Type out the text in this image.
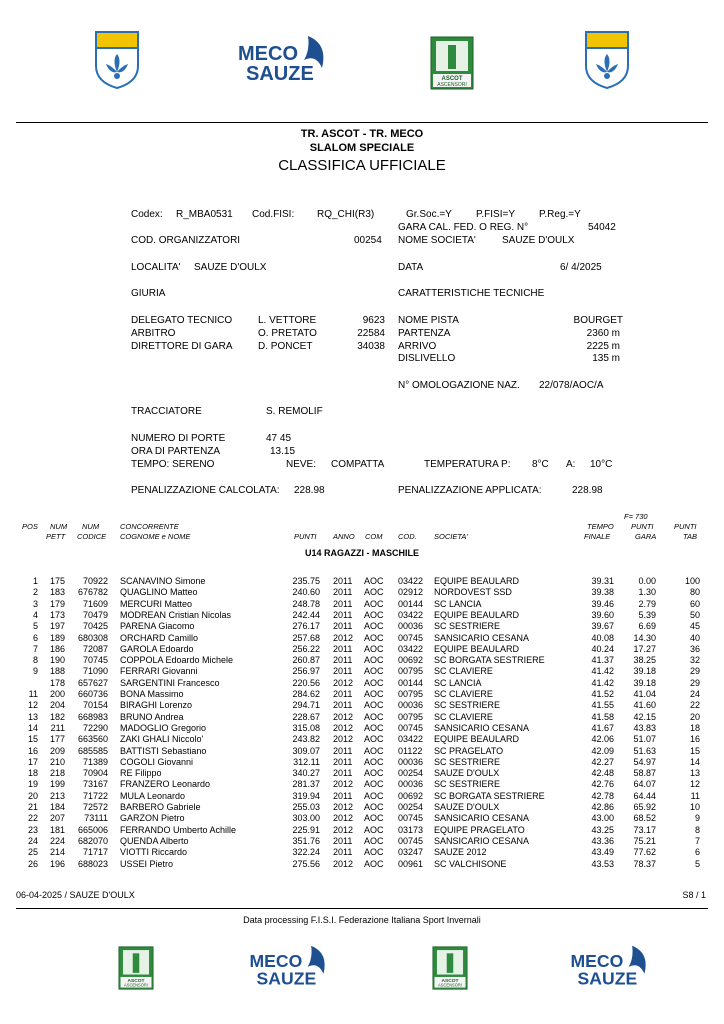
MECO
SAUZE	ASCOT
ASCENSORI
TR. ASCOT - TR. MECO
SLALOM SPECIALE
CLASSIFICA UFFICIALE
Codex: R_MBA0531 Cod.FISI: RQ_CHI(R3)	Gr.Soc.=Y P.FISI=Y P.Reg.=Y
GARA CAL. FED. O REG. N°	54042
COD. ORGANIZZATORI	00254 NOME SOCIETA'	SAUZE D'OULX
LOCALITA' SAUZE D'OULX	DATA	6/ 4/2025
GIURIA	CARATTERISTICHE TECNICHE
DELEGATO TECNICO	L. VETTORE	9623 NOME PISTA	BOURGET
ARBITRO	O. PRETATO	22584 PARTENZA	2360 m
DIRETTORE DI GARA	D. PONCET	34038 ARRIVO	2225 m
DISLIVELLO	135 m
N° OMOLOGAZIONE NAZ. 22/078/AOC/A
TRACCIATORE	S. REMOLIF
NUMERO DI PORTE	47 45
ORA DI PARTENZA	13.15
TEMPO: SERENO	NEVE: COMPATTA	TEMPERATURA P: 8°C A: 10°C
PENALIZZAZIONE CALCOLATA: 228.98	PENALIZZAZIONE APPLICATA:	228.98
F= 730
POS NUM
PETT
NUM
CODICE
CONCORRENTE
COGNOME e NOME	PUNTI ANNO COM COD. SOCIETA'
TEMPO
FINALE
PUNTI
GARA
PUNTI
TAB
U14 RAGAZZI - MASCHILE
1 175 70922 SCANAVINO Simone	235.75 2011 AOC 03422 EQUIPE BEAULARD	39.31	0.00	100
2 183 676782 QUAGLINO Matteo	240.60 2011 AOC 02912 NORDOVEST SSD	39.38	1.30	80
3 179 71609 MERCURI Matteo	248.78 2011 AOC 00144 SC LANCIA	39.46	2.79	60
4 173 70479 MODREAN Cristian Nicolas	242.44 2011 AOC 03422 EQUIPE BEAULARD	39.60	5.39	50
5 197 70425 PARENA Giacomo	276.17 2011 AOC 00036 SC SESTRIERE	39.67	6.69	45
6 189 680308 ORCHARD Camillo	257.68 2012 AOC 00745 SANSICARIO CESANA	40.08 14.30	40
7 186 72087 GAROLA Edoardo	256.22 2011 AOC 03422 EQUIPE BEAULARD	40.24 17.27	36
8 190 70745 COPPOLA Edoardo Michele	260.87 2011 AOC 00692 SC BORGATA SESTRIERE	41.37 38.25	32
9 188 71090 FERRARI Giovanni	256.97 2011 AOC 00795 SC CLAVIERE	41.42 39.18	29
178 657627 SARGENTINI Francesco	220.56 2012 AOC 00144 SC LANCIA	41.42 39.18	29
11 200 660736 BONA Massimo	284.62 2011 AOC 00795 SC CLAVIERE	41.52 41.04	24
12 204 70154 BIRAGHI Lorenzo	294.71 2011 AOC 00036 SC SESTRIERE	41.55 41.60	22
13 182 668983 BRUNO Andrea	228.67 2012 AOC 00795 SC CLAVIERE	41.58 42.15	20
14 211 72290 MADOGLIO Gregorio	315.08 2012 AOC 00745 SANSICARIO CESANA	41.67 43.83	18
15 177 663560 ZAKI GHALI Niccolo'	243.82 2012 AOC 03422 EQUIPE BEAULARD	42.06 51.07	16
16 209 685585 BATTISTI Sebastiano	309.07 2011 AOC 01122 SC PRAGELATO	42.09 51.63	15
17 210 71389 COGOLI Giovanni	312.11 2011 AOC 00036 SC SESTRIERE	42.27 54.97	14
18 218 70904 RE Filippo	340.27 2011 AOC 00254 SAUZE D'OULX	42.48 58.87	13
19 199 73167 FRANZERO Leonardo	281.37 2012 AOC 00036 SC SESTRIERE	42.76 64.07	12
20 213 71722 MULA Leonardo	319.94 2011 AOC 00692 SC BORGATA SESTRIERE	42.78 64.44	11
21 184 72572 BARBERO Gabriele	255.03 2012 AOC 00254 SAUZE D'OULX	42.86 65.92	10
22 207 73111 GARZON Pietro	303.00 2012 AOC 00745 SANSICARIO CESANA	43.00 68.52	9
23 181 665006 FERRANDO Umberto Achille	225.91 2012 AOC 03173 EQUIPE PRAGELATO	43.25 73.17	8
24 224 682070 QUENDA Alberto	351.76 2011 AOC 00745 SANSICARIO CESANA	43.36 75.21	7
25 214 71717 VIOTTI Riccardo	322.24 2011 AOC 03247 SAUZE 2012	43.49 77.62	6
26 196 688023 USSEI Pietro	275.56 2012 AOC 00961 SC VALCHISONE	43.53 78.37	5
06-04-2025 / SAUZE D'OULX	S8 / 1
Data processing F.I.S.I. Federazione Italiana Sport Invernali
ASCOT
ASCENSORI
MECO
SAUZE	ASCOT
ASCENSORI
MECO
SAUZE
